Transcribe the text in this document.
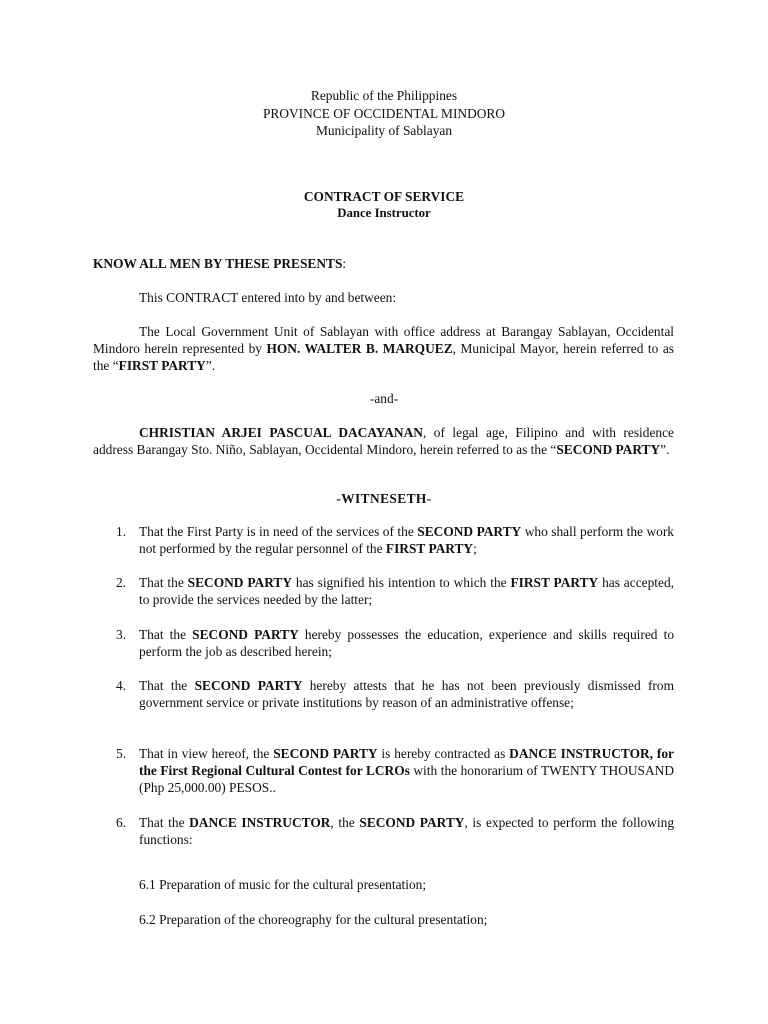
Republic of the Philippines
PROVINCE OF OCCIDENTAL MINDORO
Municipality of Sablayan
CONTRACT OF SERVICE
Dance Instructor
KNOW ALL MEN BY THESE PRESENTS:
This CONTRACT entered into by and between:
The Local Government Unit of Sablayan with office address at Barangay Sablayan, Occidental Mindoro herein represented by HON. WALTER B. MARQUEZ, Municipal Mayor, herein referred to as the “FIRST PARTY”.
-and-
CHRISTIAN ARJEI PASCUAL DACAYANAN, of legal age, Filipino and with residence address Barangay Sto. Niño, Sablayan, Occidental Mindoro, herein referred to as the “SECOND PARTY”.
-WITNESETH-
1. That the First Party is in need of the services of the SECOND PARTY who shall perform the work not performed by the regular personnel of the FIRST PARTY;
2. That the SECOND PARTY has signified his intention to which the FIRST PARTY has accepted, to provide the services needed by the latter;
3. That the SECOND PARTY hereby possesses the education, experience and skills required to perform the job as described herein;
4. That the SECOND PARTY hereby attests that he has not been previously dismissed from government service or private institutions by reason of an administrative offense;
5. That in view hereof, the SECOND PARTY is hereby contracted as DANCE INSTRUCTOR, for the First Regional Cultural Contest for LCROs with the honorarium of TWENTY THOUSAND (Php 25,000.00) PESOS..
6. That the DANCE INSTRUCTOR, the SECOND PARTY, is expected to perform the following functions:
6.1 Preparation of music for the cultural presentation;
6.2 Preparation of the choreography for the cultural presentation;
